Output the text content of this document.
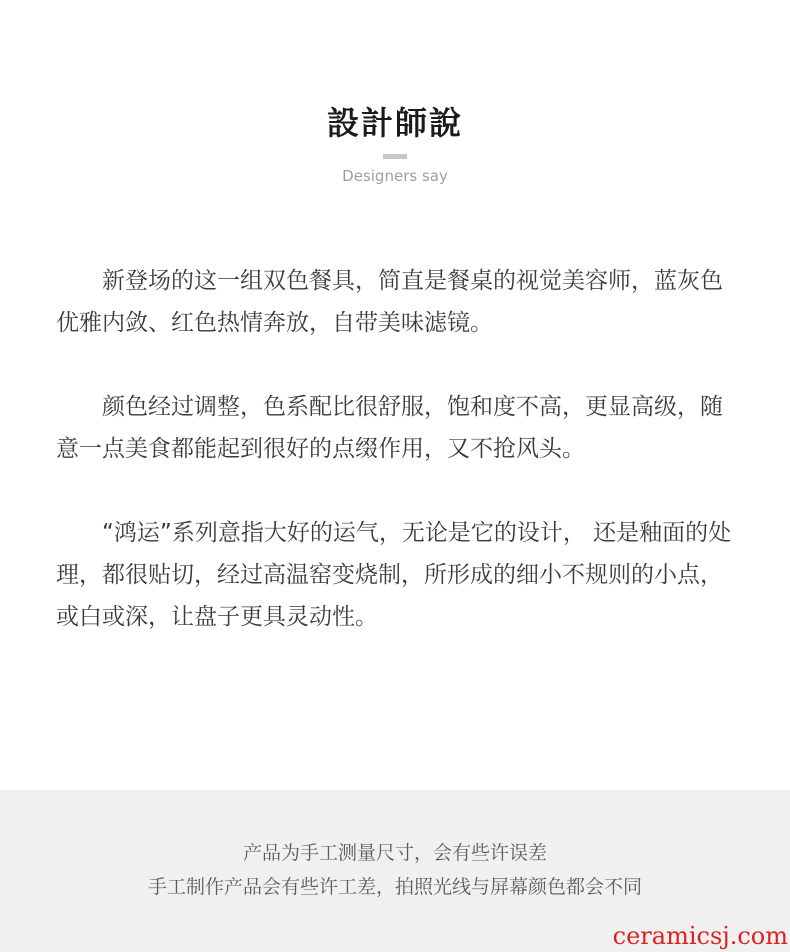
設計師說
Designers say

新登场的这一组双色餐具，简直是餐桌的视觉美容师，蓝灰色优雅内敛、红色热情奔放，自带美味滤镜。

颜色经过调整，色系配比很舒服，饱和度不高，更显高级，随意一点美食都能起到很好的点缀作用，又不抢风头。

“鸿运”系列意指大好的运气，无论是它的设计， 还是釉面的处理，都很贴切，经过高温窑变烧制，所形成的细小不规则的小点，或白或深，让盘子更具灵动性。

产品为手工测量尺寸，会有些许误差
手工制作产品会有些许工差，拍照光线与屏幕颜色都会不同
ceramicsj.com
